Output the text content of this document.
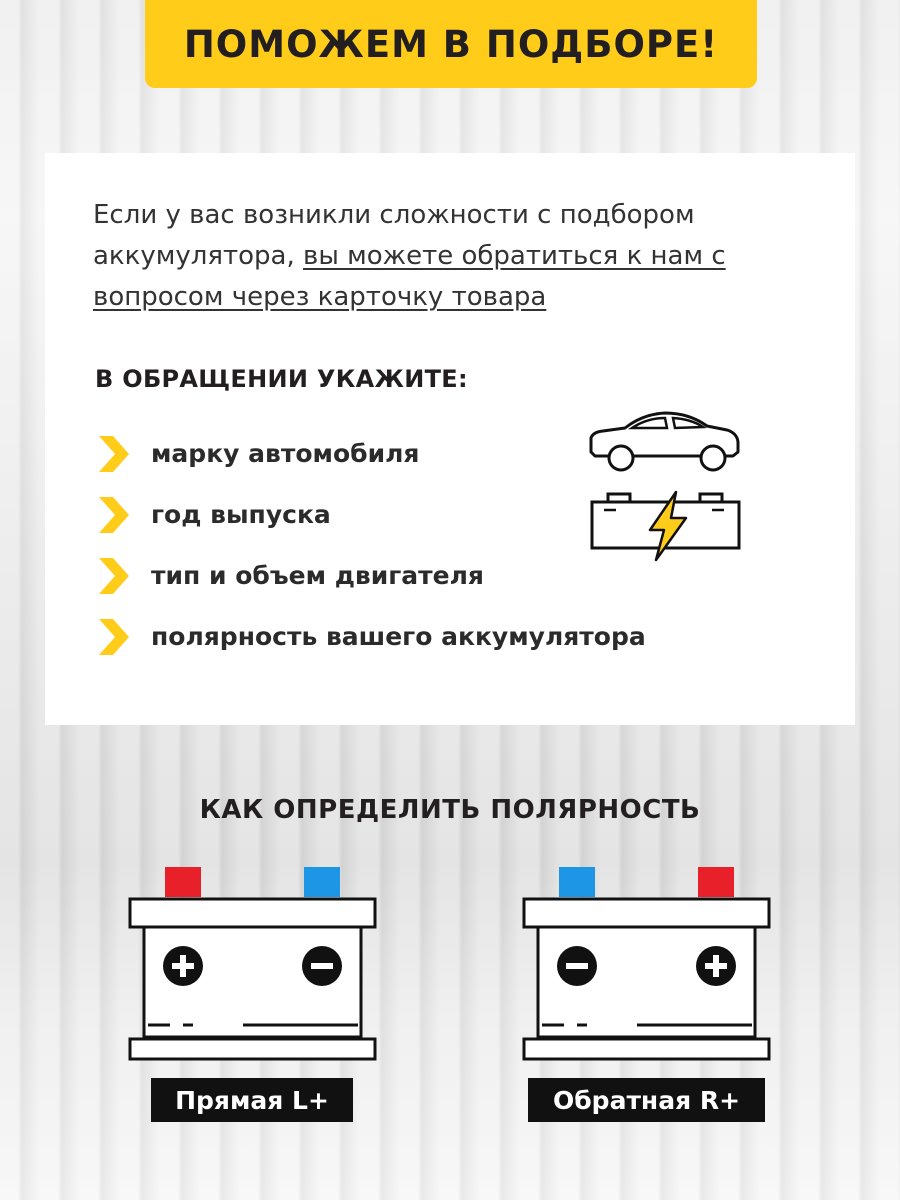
ПОМОЖЕМ В ПОДБОРЕ!
Если у вас возникли сложности с подбором аккумулятора, вы можете обратиться к нам с вопросом через карточку товара
В ОБРАЩЕНИИ УКАЖИТЕ:
марку автомобиля
год выпуска
тип и объем двигателя
полярность вашего аккумулятора
КАК ОПРЕДЕЛИТЬ ПОЛЯРНОСТЬ
Прямая L+	Обратная R+
